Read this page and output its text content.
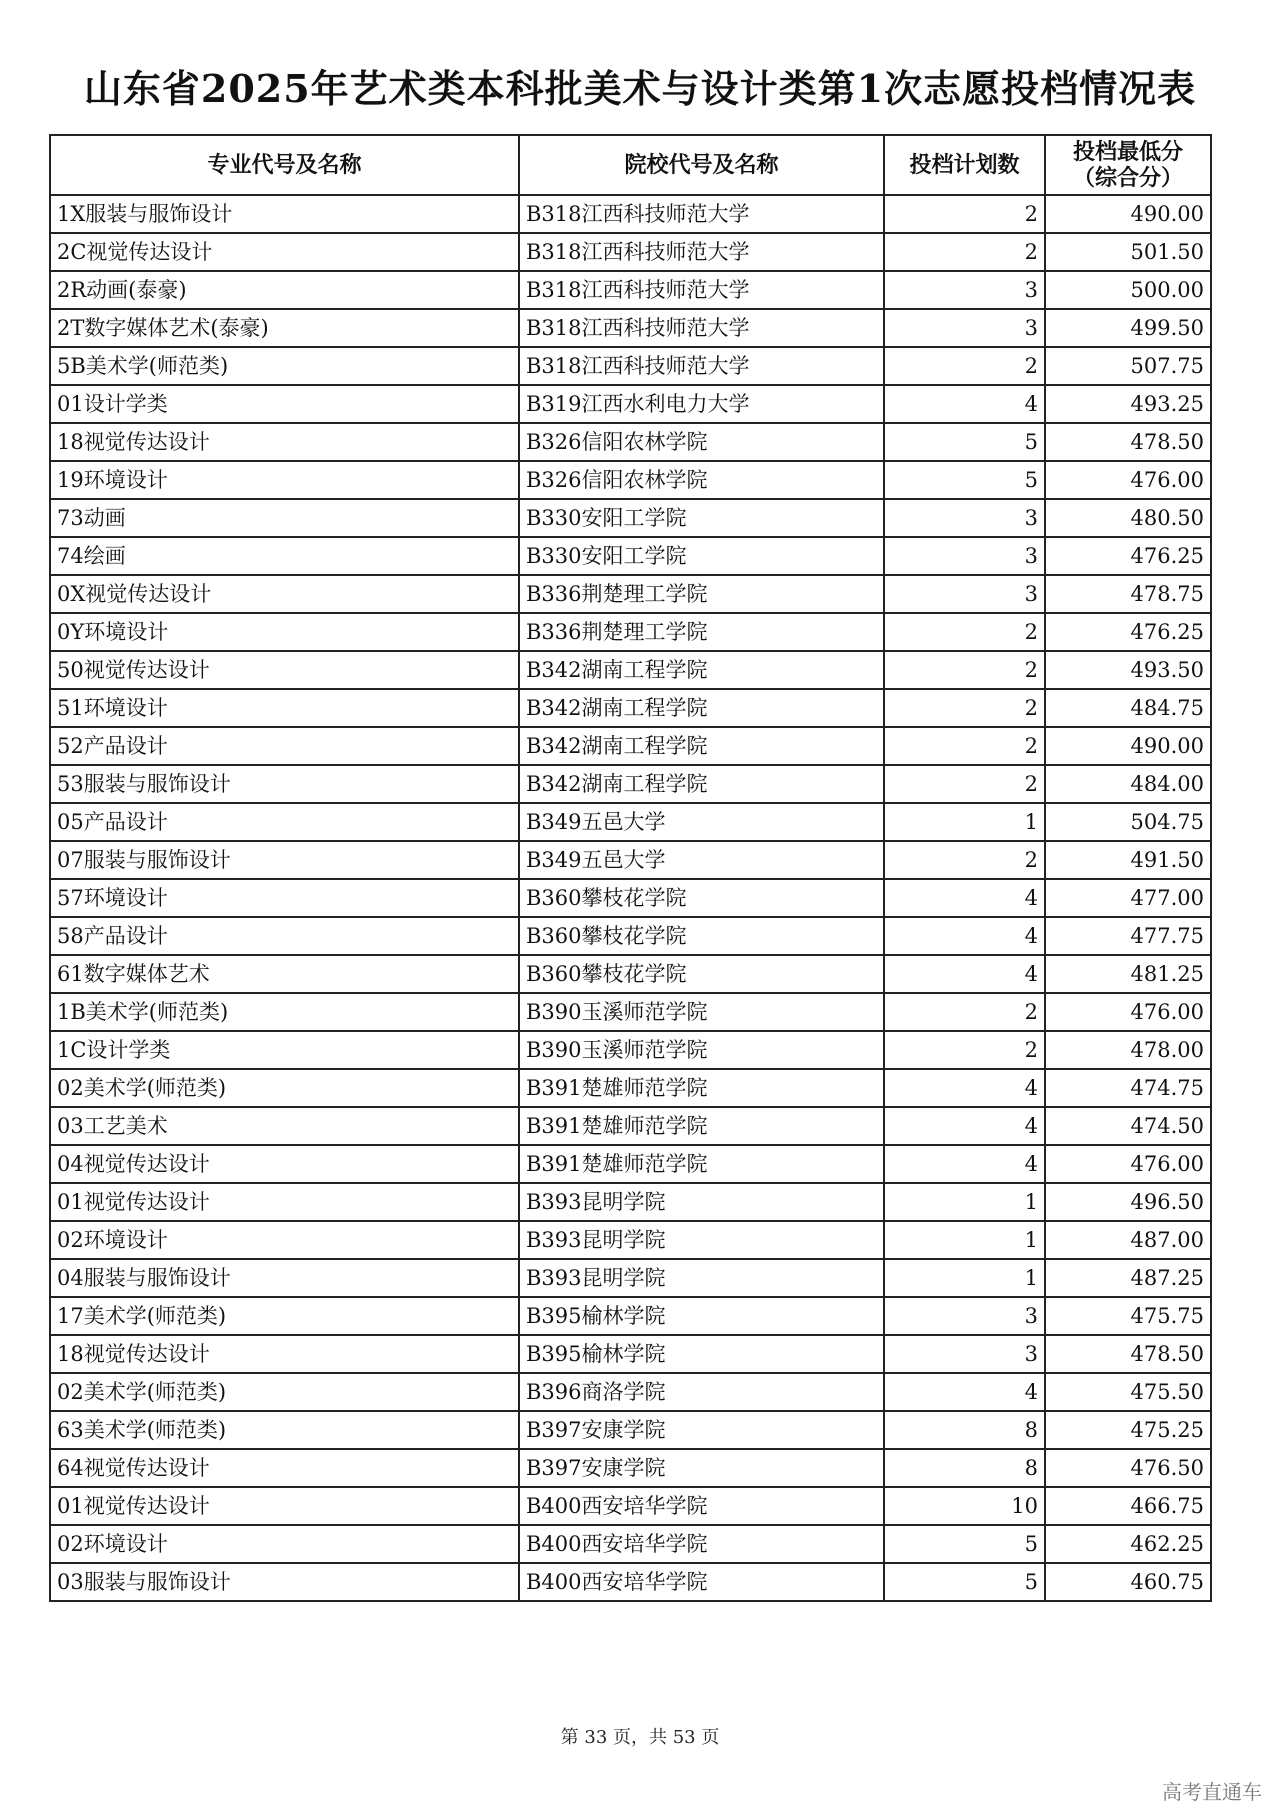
山东省2025年艺术类本科批美术与设计类第1次志愿投档情况表
专业代号及名称	院校代号及名称	投档计划数	投档最低分
（综合分）

1X服装与服饰设计	B318江西科技师范大学	2	490.00
2C视觉传达设计	B318江西科技师范大学	2	501.50
2R动画(泰豪)	B318江西科技师范大学	3	500.00
2T数字媒体艺术(泰豪)	B318江西科技师范大学	3	499.50
5B美术学(师范类)	B318江西科技师范大学	2	507.75
01设计学类	B319江西水利电力大学	4	493.25
18视觉传达设计	B326信阳农林学院	5	478.50
19环境设计	B326信阳农林学院	5	476.00
73动画	B330安阳工学院	3	480.50
74绘画	B330安阳工学院	3	476.25
0X视觉传达设计	B336荆楚理工学院	3	478.75
0Y环境设计	B336荆楚理工学院	2	476.25
50视觉传达设计	B342湖南工程学院	2	493.50
51环境设计	B342湖南工程学院	2	484.75
52产品设计	B342湖南工程学院	2	490.00
53服装与服饰设计	B342湖南工程学院	2	484.00
05产品设计	B349五邑大学	1	504.75
07服装与服饰设计	B349五邑大学	2	491.50
57环境设计	B360攀枝花学院	4	477.00
58产品设计	B360攀枝花学院	4	477.75
61数字媒体艺术	B360攀枝花学院	4	481.25
1B美术学(师范类)	B390玉溪师范学院	2	476.00
1C设计学类	B390玉溪师范学院	2	478.00
02美术学(师范类)	B391楚雄师范学院	4	474.75
03工艺美术	B391楚雄师范学院	4	474.50
04视觉传达设计	B391楚雄师范学院	4	476.00
01视觉传达设计	B393昆明学院	1	496.50
02环境设计	B393昆明学院	1	487.00
04服装与服饰设计	B393昆明学院	1	487.25
17美术学(师范类)	B395榆林学院	3	475.75
18视觉传达设计	B395榆林学院	3	478.50
02美术学(师范类)	B396商洛学院	4	475.50
63美术学(师范类)	B397安康学院	8	475.25
64视觉传达设计	B397安康学院	8	476.50
01视觉传达设计	B400西安培华学院	10	466.75
02环境设计	B400西安培华学院	5	462.25
03服装与服饰设计	B400西安培华学院	5	460.75
第 33 页，共 53 页
高考直通车
